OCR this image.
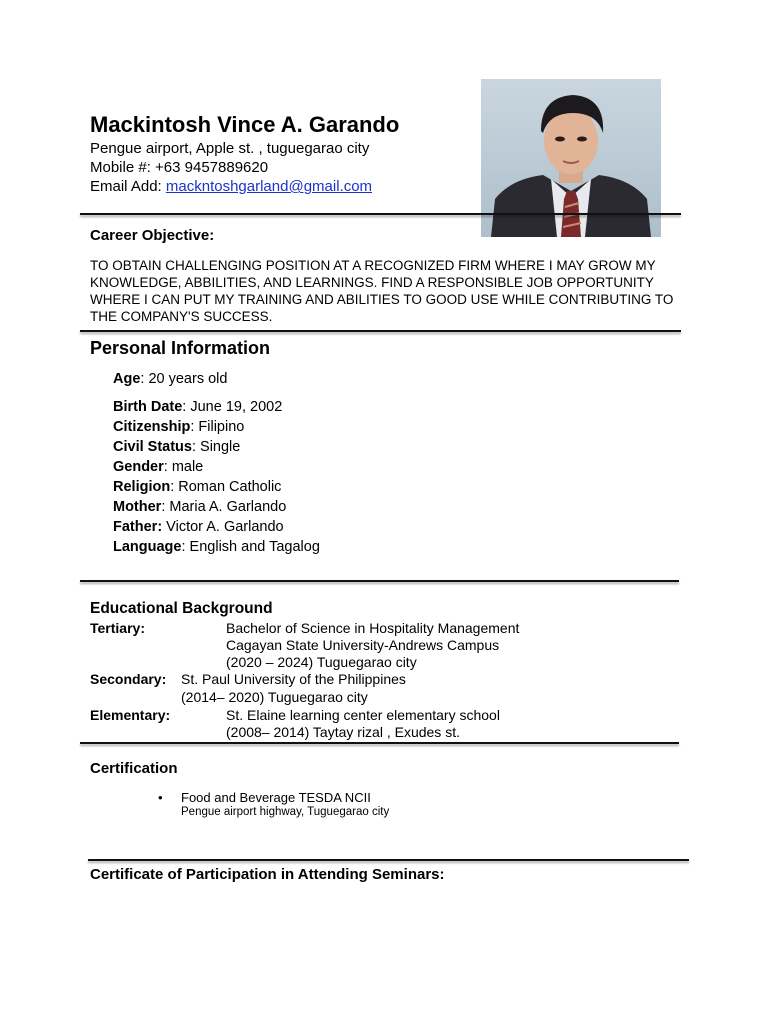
Mackintosh Vince A. Garando
Pengue airport, Apple st. , tuguegarao city
Mobile #: +63 9457889620
Email Add: mackntoshgarland@gmail.com
Career Objective:
TO OBTAIN CHALLENGING POSITION AT A RECOGNIZED FIRM WHERE I MAY GROW MY KNOWLEDGE, ABBILITIES, AND LEARNINGS. FIND A RESPONSIBLE JOB OPPORTUNITY WHERE I CAN PUT MY TRAINING AND ABILITIES TO GOOD USE WHILE CONTRIBUTING TO THE COMPANY'S SUCCESS.
Personal Information
Age: 20 years old
Birth Date: June 19, 2002
Citizenship: Filipino
Civil Status: Single
Gender: male
Religion: Roman Catholic
Mother: Maria A. Garlando
Father: Victor A. Garlando
Language: English and Tagalog
Educational Background
Tertiary:	Bachelor of Science in Hospitality Management
Cagayan State University-Andrews Campus
(2020 – 2024) Tuguegarao city
Secondary: St. Paul University of the Philippines
(2014– 2020) Tuguegarao city
Elementary:	St. Elaine learning center elementary school
(2008– 2014) Taytay rizal , Exudes st.
Certification
• Food and Beverage TESDA NCII
Pengue airport highway, Tuguegarao city
Certificate of Participation in Attending Seminars:
